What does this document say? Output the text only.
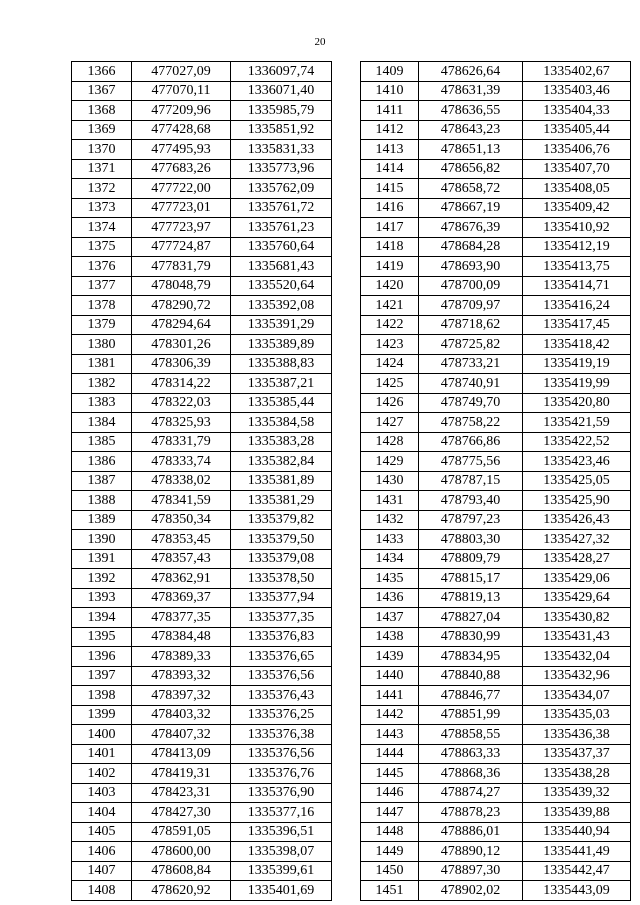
20
1366	477027,09	1336097,74
1367	477070,11	1336071,40
1368	477209,96	1335985,79
1369	477428,68	1335851,92
1370	477495,93	1335831,33
1371	477683,26	1335773,96
1372	477722,00	1335762,09
1373	477723,01	1335761,72
1374	477723,97	1335761,23
1375	477724,87	1335760,64
1376	477831,79	1335681,43
1377	478048,79	1335520,64
1378	478290,72	1335392,08
1379	478294,64	1335391,29
1380	478301,26	1335389,89
1381	478306,39	1335388,83
1382	478314,22	1335387,21
1383	478322,03	1335385,44
1384	478325,93	1335384,58
1385	478331,79	1335383,28
1386	478333,74	1335382,84
1387	478338,02	1335381,89
1388	478341,59	1335381,29
1389	478350,34	1335379,82
1390	478353,45	1335379,50
1391	478357,43	1335379,08
1392	478362,91	1335378,50
1393	478369,37	1335377,94
1394	478377,35	1335377,35
1395	478384,48	1335376,83
1396	478389,33	1335376,65
1397	478393,32	1335376,56
1398	478397,32	1335376,43
1399	478403,32	1335376,25
1400	478407,32	1335376,38
1401	478413,09	1335376,56
1402	478419,31	1335376,76
1403	478423,31	1335376,90
1404	478427,30	1335377,16
1405	478591,05	1335396,51
1406	478600,00	1335398,07
1407	478608,84	1335399,61
1408	478620,92	1335401,69
1409	478626,64	1335402,67
1410	478631,39	1335403,46
1411	478636,55	1335404,33
1412	478643,23	1335405,44
1413	478651,13	1335406,76
1414	478656,82	1335407,70
1415	478658,72	1335408,05
1416	478667,19	1335409,42
1417	478676,39	1335410,92
1418	478684,28	1335412,19
1419	478693,90	1335413,75
1420	478700,09	1335414,71
1421	478709,97	1335416,24
1422	478718,62	1335417,45
1423	478725,82	1335418,42
1424	478733,21	1335419,19
1425	478740,91	1335419,99
1426	478749,70	1335420,80
1427	478758,22	1335421,59
1428	478766,86	1335422,52
1429	478775,56	1335423,46
1430	478787,15	1335425,05
1431	478793,40	1335425,90
1432	478797,23	1335426,43
1433	478803,30	1335427,32
1434	478809,79	1335428,27
1435	478815,17	1335429,06
1436	478819,13	1335429,64
1437	478827,04	1335430,82
1438	478830,99	1335431,43
1439	478834,95	1335432,04
1440	478840,88	1335432,96
1441	478846,77	1335434,07
1442	478851,99	1335435,03
1443	478858,55	1335436,38
1444	478863,33	1335437,37
1445	478868,36	1335438,28
1446	478874,27	1335439,32
1447	478878,23	1335439,88
1448	478886,01	1335440,94
1449	478890,12	1335441,49
1450	478897,30	1335442,47
1451	478902,02	1335443,09
